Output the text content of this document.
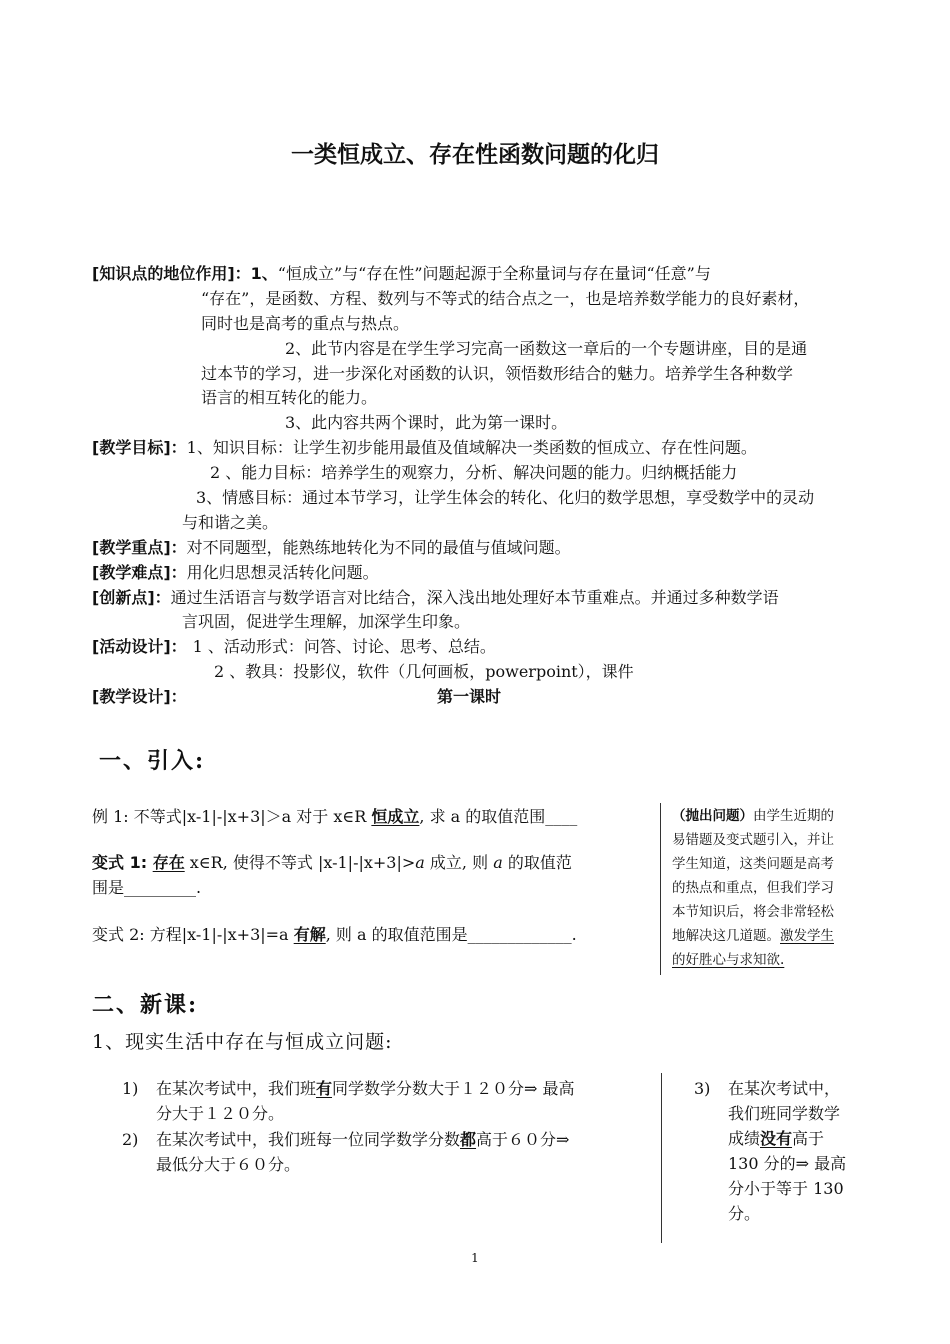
一类恒成立、存在性函数问题的化归
[知识点的地位作用]：1、“恒成立”与“存在性”问题起源于全称量词与存在量词“任意”与
“存在”，是函数、方程、数列与不等式的结合点之一，也是培养数学能力的良好素材，
同时也是高考的重点与热点。
2、此节内容是在学生学习完高一函数这一章后的一个专题讲座，目的是通
过本节的学习，进一步深化对函数的认识，领悟数形结合的魅力。培养学生各种数学
语言的相互转化的能力。
3、此内容共两个课时，此为第一课时。
[教学目标]：1、知识目标：让学生初步能用最值及值域解决一类函数的恒成立、存在性问题。
2 、能力目标：培养学生的观察力，分析、解决问题的能力。归纳概括能力
3、情感目标：通过本节学习，让学生体会的转化、化归的数学思想，享受数学中的灵动
与和谐之美。
[教学重点]：对不同题型，能熟练地转化为不同的最值与值域问题。
[教学难点]：用化归思想灵活转化问题。
[创新点]：通过生活语言与数学语言对比结合，深入浅出地处理好本节重难点。并通过多种数学语
言巩固，促进学生理解，加深学生印象。
[活动设计]： 1 、活动形式：问答、讨论、思考、总结。
2 、教具：投影仪，软件（几何画板，powerpoint），课件
[教学设计]：	第一课时
一、引入:
例 1: 不等式|x-1|-|x+3|＞a 对于 x∈R 恒成立, 求 a 的取值范围____
变式 1: 存在 x∈R, 使得不等式 |x-1|-|x+3|>a 成立, 则 a 的取值范
围是_________.
变式 2: 方程|x-1|-|x+3|=a 有解, 则 a 的取值范围是_____________.
（抛出问题）由学生近期的
易错题及变式题引入，并让
学生知道，这类问题是高考
的热点和重点，但我们学习
本节知识后，将会非常轻松
地解决这几道题。激发学生
的好胜心与求知欲.
二、新课:
1、现实生活中存在与恒成立问题:
1) 在某次考试中，我们班有同学数学分数大于１２０分⇒ 最高
分大于１２０分。
2) 在某次考试中，我们班每一位同学数学分数都高于６０分⇒
最低分大于６０分。
3) 在某次考试中，
我们班同学数学
成绩没有高于
130 分的⇒ 最高
分小于等于 130
分。
1
